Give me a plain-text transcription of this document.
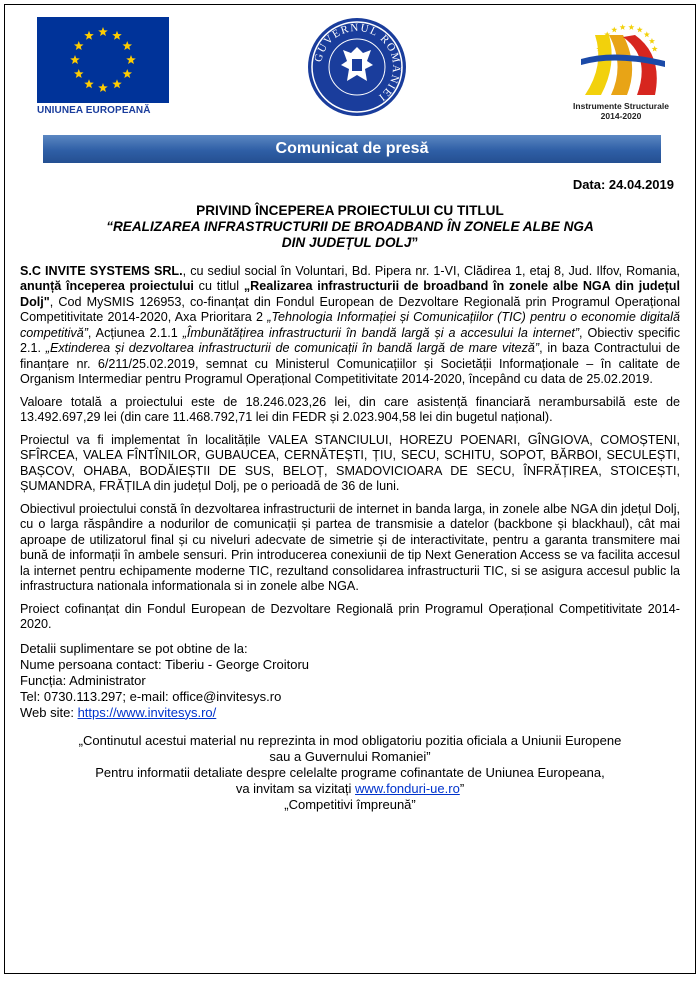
UNIUNEA EUROPEANĂ
GUVERNUL ROMÂNIEI
Instrumente Structurale
2014-2020
Comunicat de presă
Data: 24.04.2019
PRIVIND ÎNCEPEREA PROIECTULUI CU TITLUL
“REALIZAREA INFRASTRUCTURII DE BROADBAND ÎN ZONELE ALBE NGA
DIN JUDEȚUL DOLJ”

S.C INVITE SYSTEMS SRL., cu sediul social în Voluntari, Bd. Pipera nr. 1-VI, Clădirea 1, etaj 8, Jud. Ilfov, Romania, anunță începerea proiectului cu titlul „Realizarea infrastructurii de broadband în zonele albe NGA din județul Dolj", Cod MySMIS 126953, co-finanțat din Fondul European de Dezvoltare Regională prin Programul Operațional Competitivitate 2014-2020, Axa Prioritara 2 „Tehnologia Informației și Comunicațiilor (TIC) pentru o economie digitală competitivă”, Acțiunea 2.1.1 „Îmbunătățirea infrastructurii în bandă largă și a accesului la internet”, Obiectiv specific 2.1. „Extinderea și dezvoltarea infrastructurii de comunicații în bandă largă de mare viteză”, in baza Contractului de finanțare nr. 6/211/25.02.2019, semnat cu Ministerul Comunicațiilor și Societății Informaționale – în calitate de Organism Intermediar pentru Programul Operațional Competitivitate 2014-2020, începând cu data de 25.02.2019.

Valoare totală a proiectului este de 18.246.023,26 lei, din care asistență financiară nerambursabilă este de 13.492.697,29 lei (din care 11.468.792,71 lei din FEDR și 2.023.904,58 lei din bugetul național).

Proiectul va fi implementat în localitățile VALEA STANCIULUI, HOREZU POENARI, GÎNGIOVA, COMOȘTENI, SFÎRCEA, VALEA FÎNTÎNILOR, GUBAUCEA, CERNĂTEȘTI, ȚIU, SECU, SCHITU, SOPOT, BĂRBOI, SECULEȘTI, BAȘCOV, OHABA, BODĂIEȘTII DE SUS, BELOȚ, SMADOVICIOARA DE SECU, ÎNFRĂȚIREA, STOICEȘTI, ȘUMANDRA, FRĂȚILA din județul Dolj, pe o perioadă de 36 de luni.

Obiectivul proiectului constă în dezvoltarea infrastructurii de internet in banda larga, in zonele albe NGA din jdețul Dolj, cu o larga răspândire a nodurilor de comunicații și partea de transmisie a datelor (backbone și blackhaul), cât mai aproape de utilizatorul final și cu niveluri adecvate de simetrie și de interactivitate, pentru a garanta transmitere mai bună de informații în ambele sensuri. Prin introducerea conexiunii de tip Next Generation Access se va facilita accesul la internet pentru echipamente moderne TIC, rezultand consolidarea infrastructurii TIC, si se asigura accesul public la infrastructura nationala informationala si in zonele albe NGA.

Proiect cofinanțat din Fondul European de Dezvoltare Regională prin Programul Operațional Competitivitate 2014-2020.

Detalii suplimentare se pot obtine de la:
Nume persoana contact: Tiberiu - George Croitoru
Funcția: Administrator
Tel: 0730.113.297; e-mail: office@invitesys.ro
Web site: https://www.invitesys.ro/
„Continutul acestui material nu reprezinta in mod obligatoriu pozitia oficiala a Uniunii Europene
sau a Guvernului Romaniei”
Pentru informatii detaliate despre celelalte programe cofinantate de Uniunea Europeana,
va invitam sa vizitați www.fonduri-ue.ro”
„Competitivi împreună”
